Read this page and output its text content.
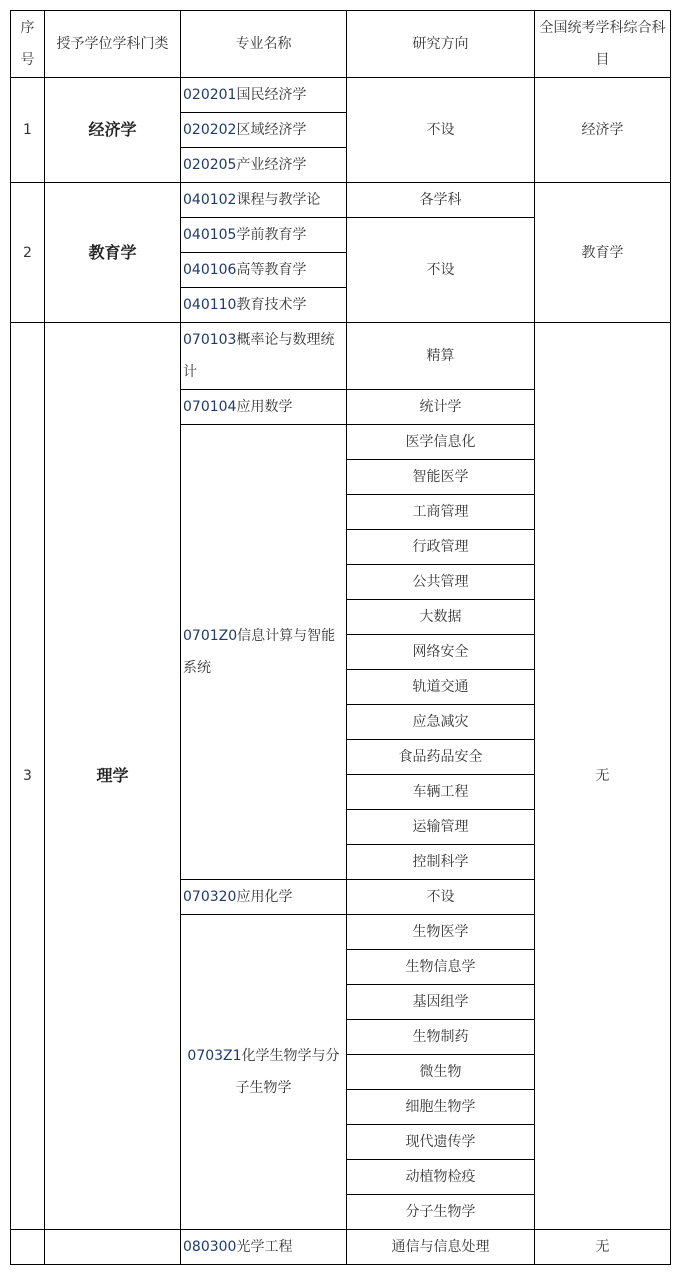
序号	授予学位学科门类	专业名称	研究方向	全国统考学科综合科目
1	经济学	020201国民经济学	不设	经济学
		020202区域经济学		
		020205产业经济学		
2	教育学	040102课程与教学论	各学科	教育学
		040105学前教育学	不设	
		040106高等教育学		
		040110教育技术学		
3	理学	070103概率论与数理统计	精算	无
		070104应用数学	统计学	
		0701Z0信息计算与智能系统	医学信息化	
			智能医学	
			工商管理	
			行政管理	
			公共管理	
			大数据	
			网络安全	
			轨道交通	
			应急减灾	
			食品药品安全	
			车辆工程	
			运输管理	
			控制科学	
		070320应用化学	不设	
		0703Z1化学生物学与分子生物学	生物医学	
			生物信息学	
			基因组学	
			生物制药	
			微生物	
			细胞生物学	
			现代遗传学	
			动植物检疫	
			分子生物学	
		080300光学工程	通信与信息处理	无
